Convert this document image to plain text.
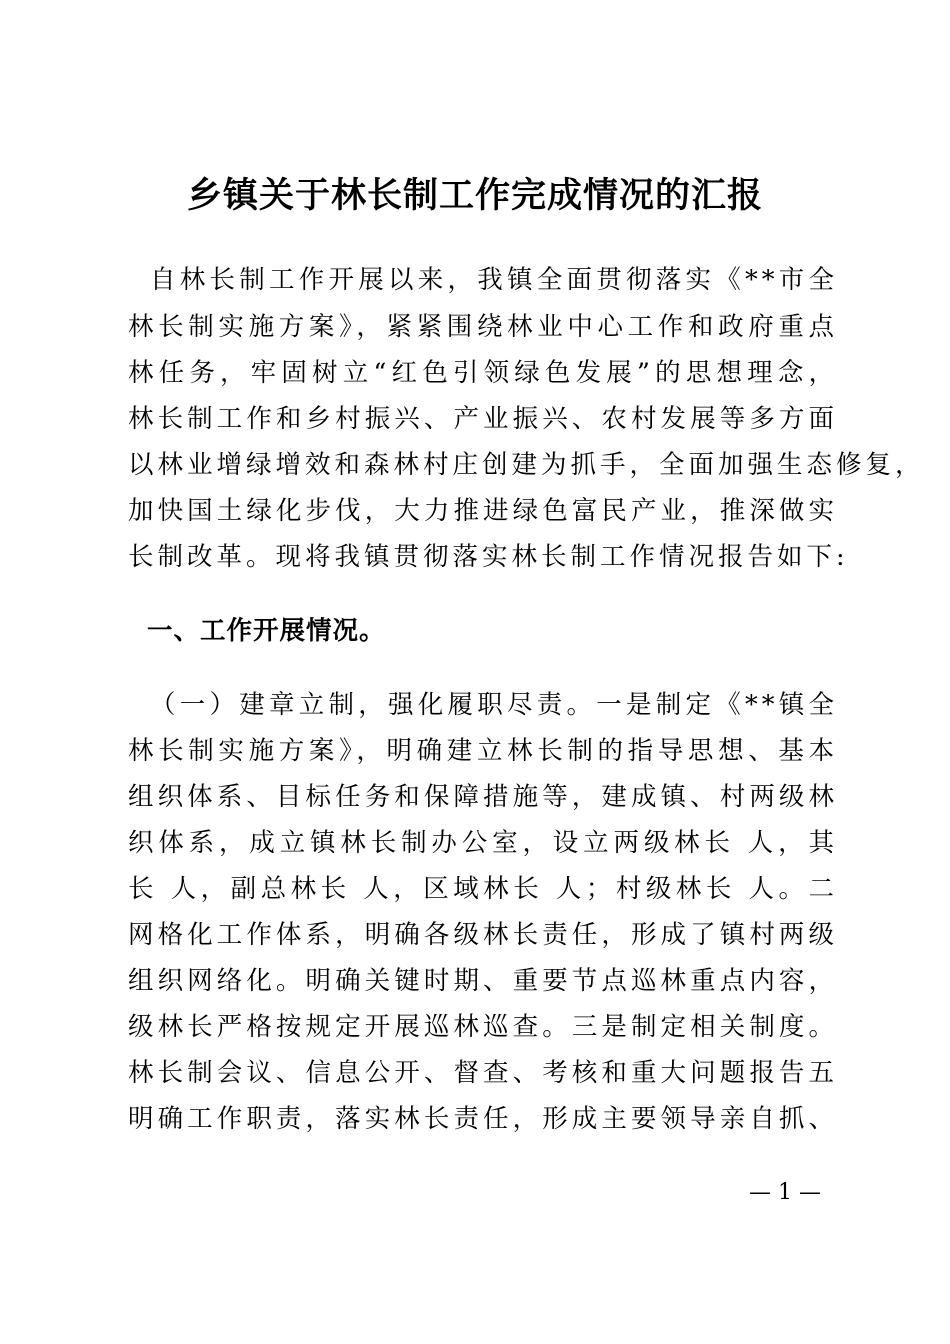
乡镇关于林长制工作完成情况的汇报

自林长制工作开展以来，我镇全面贯彻落实《**市全

林长制实施方案》，紧紧围绕林业中心工作和政府重点

林任务，牢固树立“红色引领绿色发展”的思想理念，

林长制工作和乡村振兴、产业振兴、农村发展等多方面

以林业增绿增效和森林村庄创建为抓手，全面加强生态修复，

加快国土绿化步伐，大力推进绿色富民产业，推深做实

长制改革。现将我镇贯彻落实林长制工作情况报告如下:

一、工作开展情况。

（一）建章立制，强化履职尽责。一是制定《**镇全

林长制实施方案》，明确建立林长制的指导思想、基本

组织体系、目标任务和保障措施等，建成镇、村两级林

织体系，成立镇林长制办公室，设立两级林长 人，其

长 人，副总林长 人，区域林长 人；村级林长 人。二

网格化工作体系，明确各级林长责任，形成了镇村两级

组织网络化。明确关键时期、重要节点巡林重点内容，

级林长严格按规定开展巡林巡查。三是制定相关制度。

林长制会议、信息公开、督查、考核和重大问题报告五

明确工作职责，落实林长责任，形成主要领导亲自抓、

— 1 —
